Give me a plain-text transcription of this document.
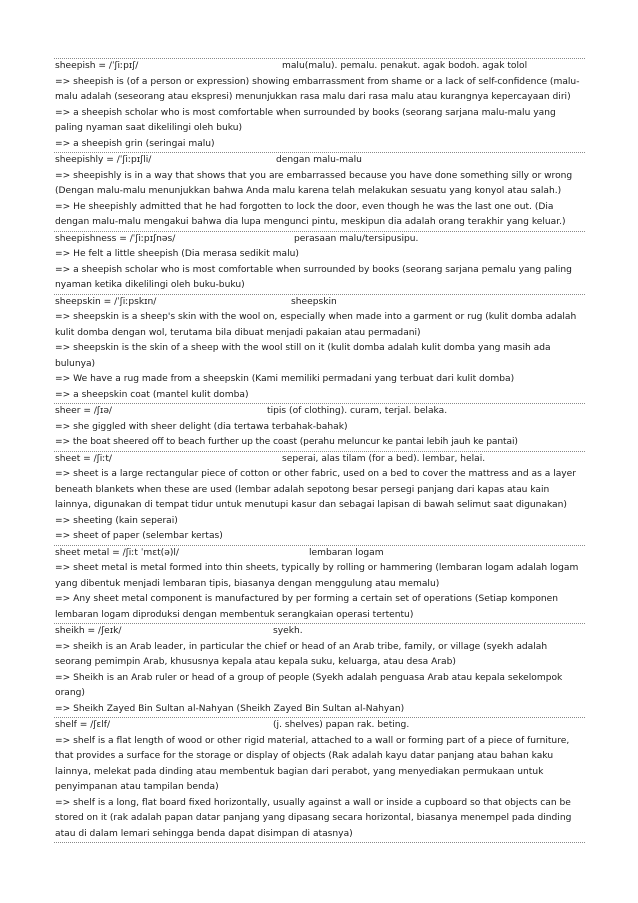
sheepish = /ˈʃiːpɪʃ/	malu(malu). pemalu. penakut. agak bodoh. agak tolol
=> sheepish is (of a person or expression) showing embarrassment from shame or a lack of self-confidence (malu-malu adalah (seseorang atau ekspresi) menunjukkan rasa malu dari rasa malu atau kurangnya kepercayaan diri)
=> a sheepish scholar who is most comfortable when surrounded by books (seorang sarjana malu-malu yang paling nyaman saat dikelilingi oleh buku)
=> a sheepish grin (seringai malu)
sheepishly = /ˈʃiːpɪʃli/	dengan malu-malu
=> sheepishly is in a way that shows that you are embarrassed because you have done something silly or wrong (Dengan malu-malu menunjukkan bahwa Anda malu karena telah melakukan sesuatu yang konyol atau salah.)
=> He sheepishly admitted that he had forgotten to lock the door, even though he was the last one out. (Dia dengan malu-malu mengakui bahwa dia lupa mengunci pintu, meskipun dia adalah orang terakhir yang keluar.)
sheepishness = /ˈʃiːpɪʃnəs/	perasaan malu/tersipusipu.
=> He felt a little sheepish (Dia merasa sedikit malu)
=> a sheepish scholar who is most comfortable when surrounded by books (seorang sarjana pemalu yang paling nyaman ketika dikelilingi oleh buku-buku)
sheepskin = /ˈʃiːpskɪn/	sheepskin
=> sheepskin is a sheep's skin with the wool on, especially when made into a garment or rug (kulit domba adalah kulit domba dengan wol, terutama bila dibuat menjadi pakaian atau permadani)
=> sheepskin is the skin of a sheep with the wool still on it (kulit domba adalah kulit domba yang masih ada bulunya)
=> We have a rug made from a sheepskin (Kami memiliki permadani yang terbuat dari kulit domba)
=> a sheepskin coat (mantel kulit domba)
sheer = /ʃɪə/	tipis (of clothing). curam, terjal. belaka.
=> she giggled with sheer delight (dia tertawa terbahak-bahak)
=> the boat sheered off to beach further up the coast (perahu meluncur ke pantai lebih jauh ke pantai)
sheet = /ʃiːt/	seperai, alas tilam (for a bed). lembar, helai.
=> sheet is a large rectangular piece of cotton or other fabric, used on a bed to cover the mattress and as a layer beneath blankets when these are used (lembar adalah sepotong besar persegi panjang dari kapas atau kain lainnya, digunakan di tempat tidur untuk menutupi kasur dan sebagai lapisan di bawah selimut saat digunakan)
=> sheeting (kain seperai)
=> sheet of paper (selembar kertas)
sheet metal = /ʃiːt ˈmɛt(ə)l/	lembaran logam
=> sheet metal is metal formed into thin sheets, typically by rolling or hammering (lembaran logam adalah logam yang dibentuk menjadi lembaran tipis, biasanya dengan menggulung atau memalu)
=> Any sheet metal component is manufactured by per forming a certain set of operations (Setiap komponen lembaran logam diproduksi dengan membentuk serangkaian operasi tertentu)
sheikh = /ʃeɪk/	syekh.
=> sheikh is an Arab leader, in particular the chief or head of an Arab tribe, family, or village (syekh adalah seorang pemimpin Arab, khususnya kepala atau kepala suku, keluarga, atau desa Arab)
=> Sheikh is an Arab ruler or head of a group of people (Syekh adalah penguasa Arab atau kepala sekelompok orang)
=> Sheikh Zayed Bin Sultan al-Nahyan (Sheikh Zayed Bin Sultan al-Nahyan)
shelf = /ʃɛlf/	(j. shelves) papan rak. beting.
=> shelf is a flat length of wood or other rigid material, attached to a wall or forming part of a piece of furniture, that provides a surface for the storage or display of objects (Rak adalah kayu datar panjang atau bahan kaku lainnya, melekat pada dinding atau membentuk bagian dari perabot, yang menyediakan permukaan untuk penyimpanan atau tampilan benda)
=> shelf is a long, flat board fixed horizontally, usually against a wall or inside a cupboard so that objects can be stored on it (rak adalah papan datar panjang yang dipasang secara horizontal, biasanya menempel pada dinding atau di dalam lemari sehingga benda dapat disimpan di atasnya)
